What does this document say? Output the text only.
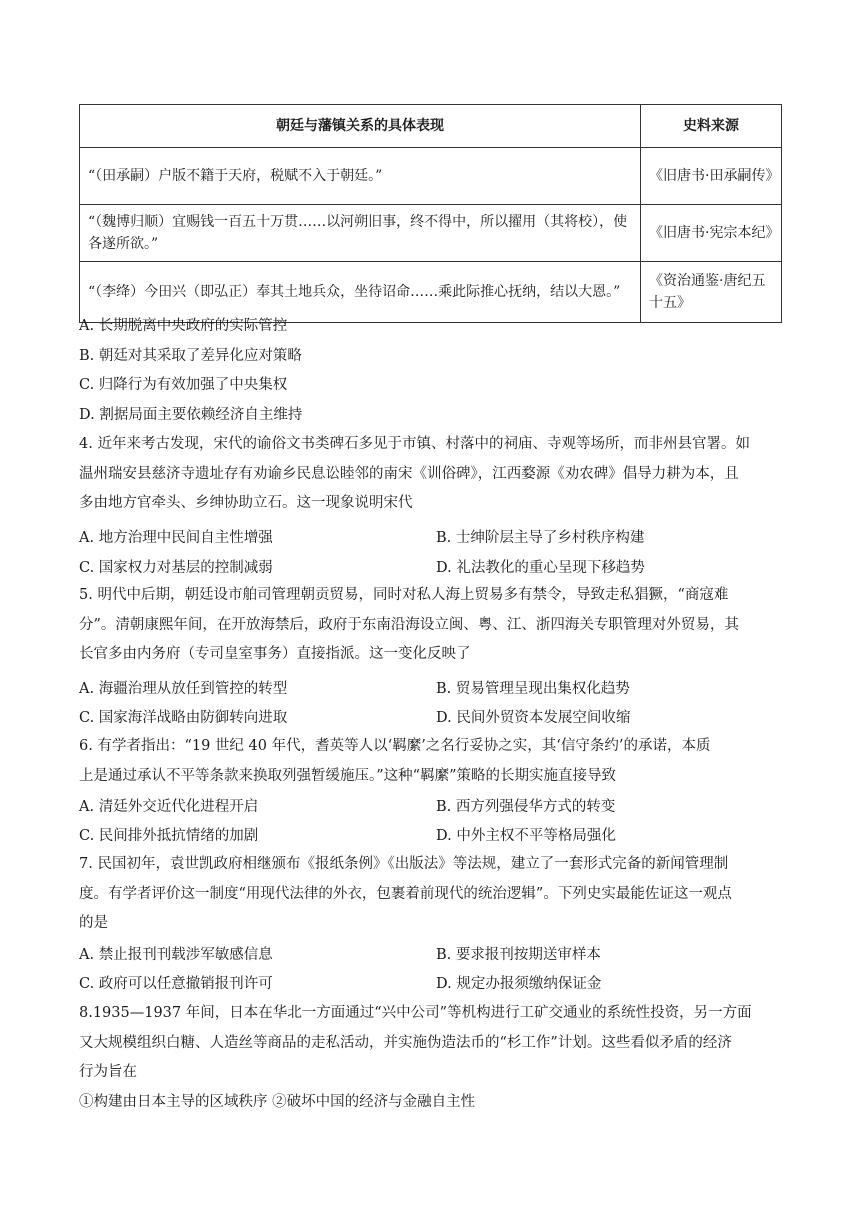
朝廷与藩镇关系的具体表现	史料来源
“（田承嗣）户版不籍于天府，税赋不入于朝廷。”	《旧唐书·田承嗣传》
“（魏博归顺）宜赐钱一百五十万贯……以河朔旧事，终不得中，所以擢用（其将校），使各遂所欲。”	《旧唐书·宪宗本纪》
“（李绛）今田兴（即弘正）奉其土地兵众，坐待诏命……乘此际推心抚纳，结以大恩。”	《资治通鉴·唐纪五十五》
A. 长期脱离中央政府的实际管控
B. 朝廷对其采取了差异化应对策略
C. 归降行为有效加强了中央集权
D. 割据局面主要依赖经济自主维持
4. 近年来考古发现，宋代的谕俗文书类碑石多见于市镇、村落中的祠庙、寺观等场所，而非州县官署。如
温州瑞安县慈济寺遗址存有劝谕乡民息讼睦邻的南宋《训俗碑》，江西婺源《劝农碑》倡导力耕为本，且
多由地方官牵头、乡绅协助立石。这一现象说明宋代
A. 地方治理中民间自主性增强	B. 士绅阶层主导了乡村秩序构建
C. 国家权力对基层的控制减弱	D. 礼法教化的重心呈现下移趋势
5. 明代中后期，朝廷设市舶司管理朝贡贸易，同时对私人海上贸易多有禁令，导致走私猖獗，“商寇难
分”。清朝康熙年间，在开放海禁后，政府于东南沿海设立闽、粤、江、浙四海关专职管理对外贸易，其
长官多由内务府（专司皇室事务）直接指派。这一变化反映了
A. 海疆治理从放任到管控的转型	B. 贸易管理呈现出集权化趋势
C. 国家海洋战略由防御转向进取	D. 民间外贸资本发展空间收缩
6. 有学者指出：“19 世纪 40 年代，耆英等人以‘羁縻’之名行妥协之实，其‘信守条约’的承诺，本质
上是通过承认不平等条款来换取列强暂缓施压。”这种“羁縻”策略的长期实施直接导致
A. 清廷外交近代化进程开启	B. 西方列强侵华方式的转变
C. 民间排外抵抗情绪的加剧	D. 中外主权不平等格局强化
7. 民国初年，袁世凯政府相继颁布《报纸条例》《出版法》等法规，建立了一套形式完备的新闻管理制
度。有学者评价这一制度“用现代法律的外衣，包裹着前现代的统治逻辑”。下列史实最能佐证这一观点
的是
A. 禁止报刊刊载涉军敏感信息	B. 要求报刊按期送审样本
C. 政府可以任意撤销报刊许可	D. 规定办报须缴纳保证金
8.1935—1937 年间，日本在华北一方面通过“兴中公司”等机构进行工矿交通业的系统性投资，另一方面
又大规模组织白糖、人造丝等商品的走私活动，并实施伪造法币的“杉工作”计划。这些看似矛盾的经济
行为旨在
①构建由日本主导的区域秩序 ②破坏中国的经济与金融自主性
